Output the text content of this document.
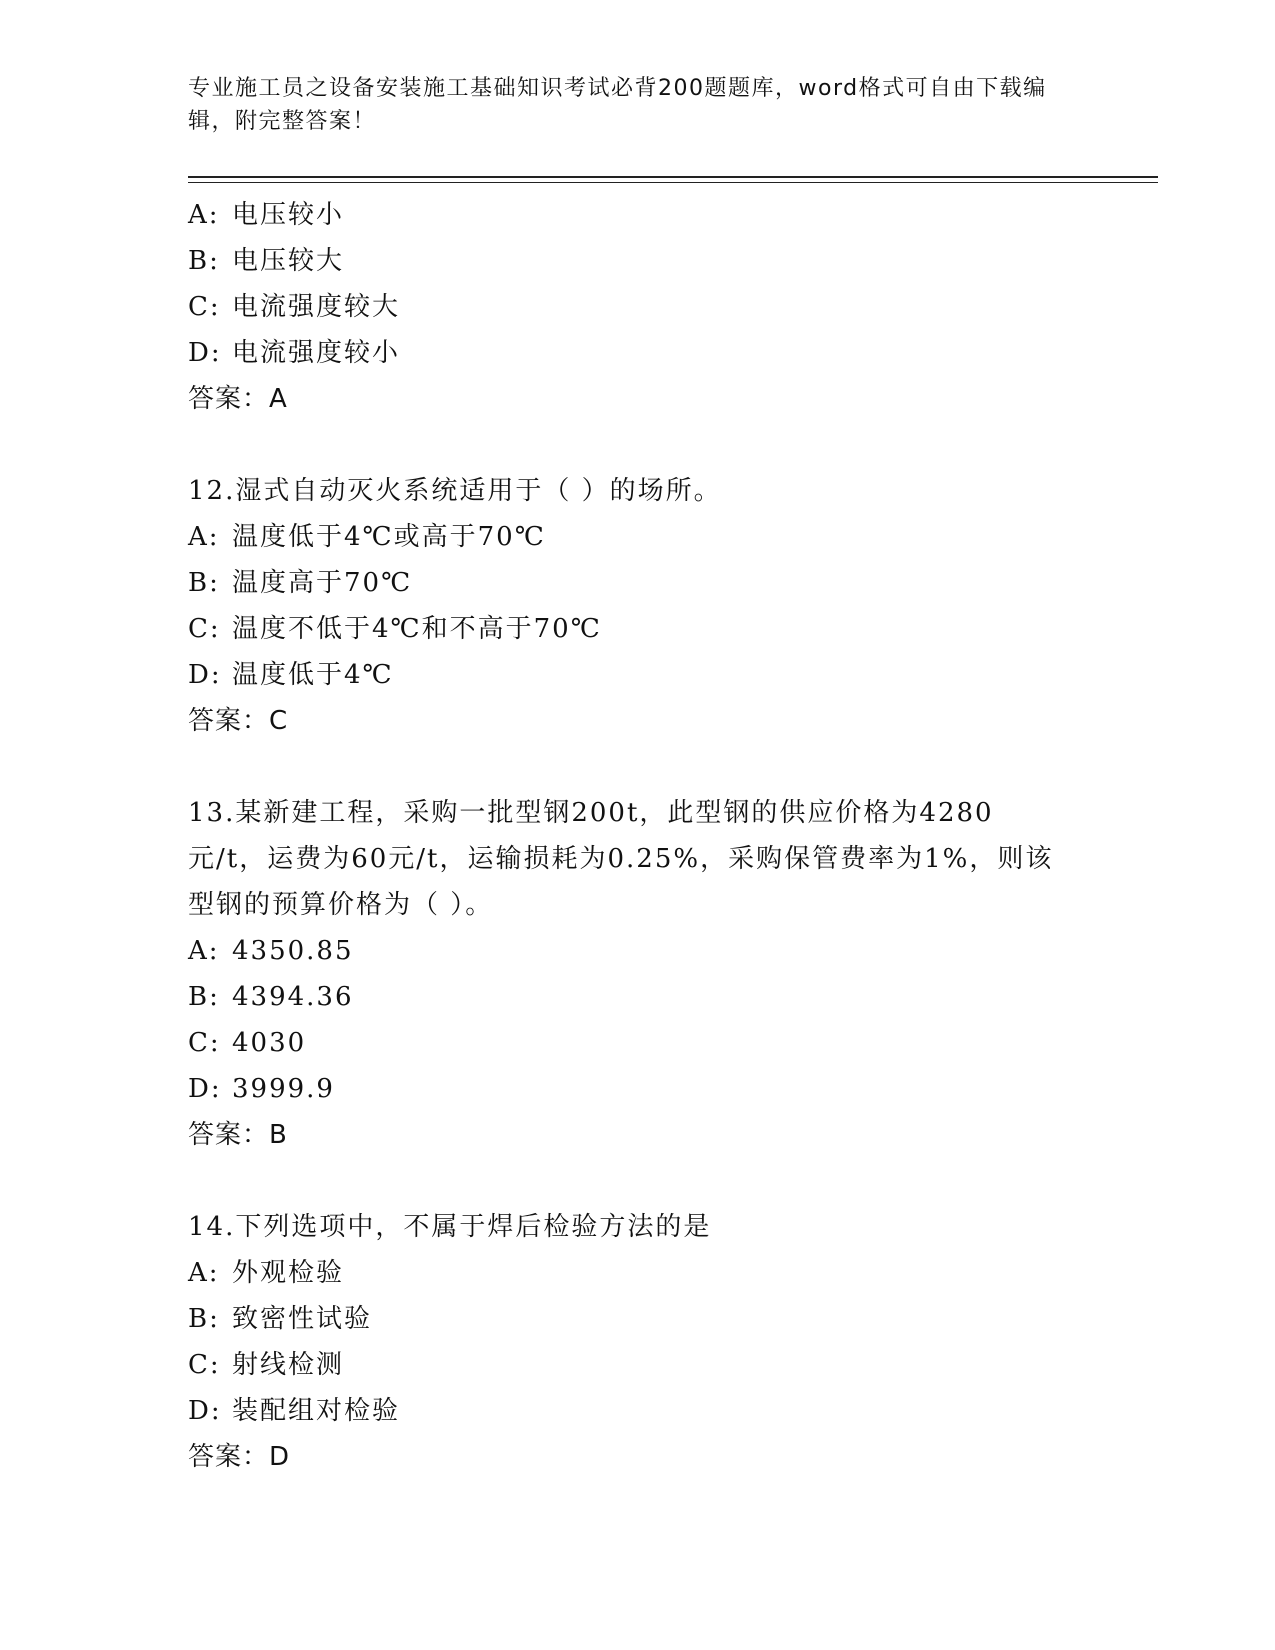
专业施工员之设备安装施工基础知识考试必背200题题库，word格式可自由下载编辑，附完整答案！
A: 电压较小
B: 电压较大
C: 电流强度较大
D: 电流强度较小
答案：A
12.湿式自动灭火系统适用于（ ）的场所。
A: 温度低于4℃或高于70℃
B: 温度高于70℃
C: 温度不低于4℃和不高于70℃
D: 温度低于4℃
答案：C
13.某新建工程，采购一批型钢200t，此型钢的供应价格为4280元/t，运费为60元/t，运输损耗为0.25%，采购保管费率为1%，则该型钢的预算价格为（ ）。
A: 4350.85
B: 4394.36
C: 4030
D: 3999.9
答案：B
14.下列选项中，不属于焊后检验方法的是
A: 外观检验
B: 致密性试验
C: 射线检测
D: 装配组对检验
答案：D
